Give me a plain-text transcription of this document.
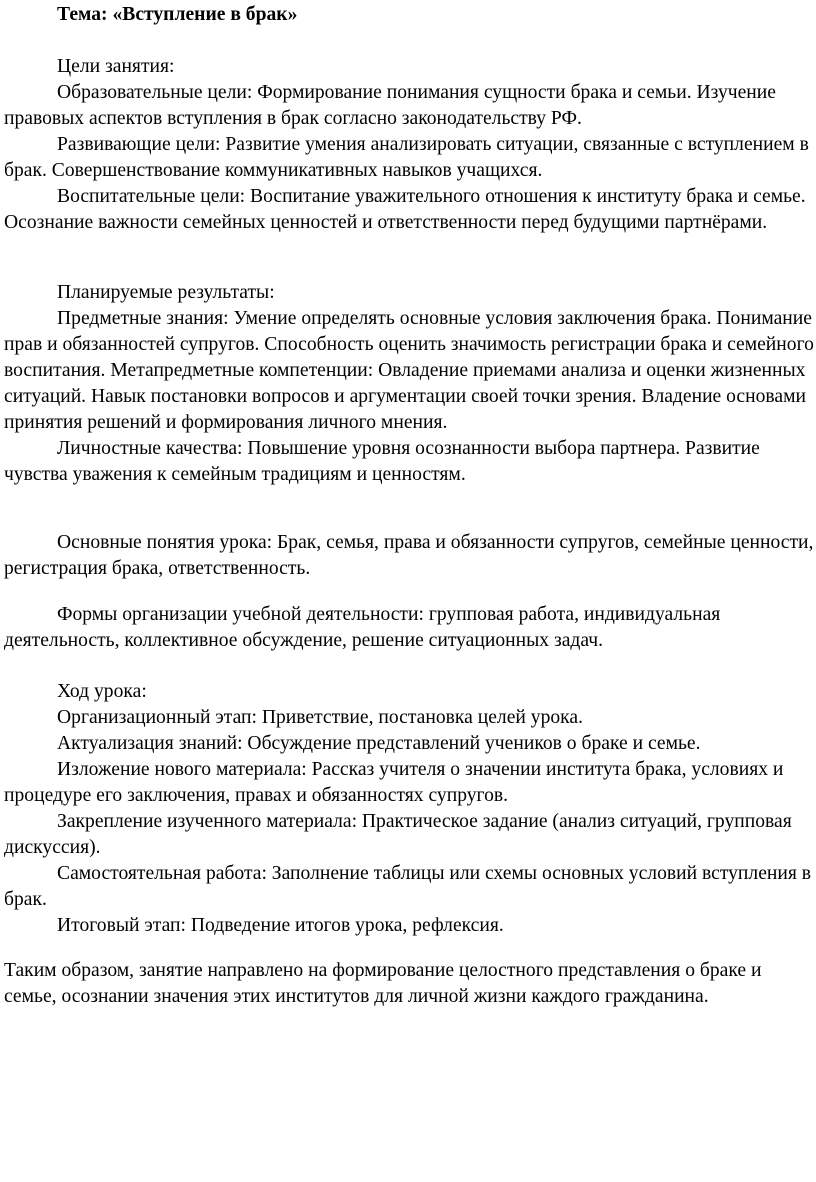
Тема: «Вступление в брак»

Цели занятия:

Образовательные цели: Формирование понимания сущности брака и семьи. Изучение правовых аспектов вступления в брак согласно законодательству РФ.

Развивающие цели: Развитие умения анализировать ситуации, связанные с вступлением в брак. Совершенствование коммуникативных навыков учащихся.

Воспитательные цели: Воспитание уважительного отношения к институту брака и семье. Осознание важности семейных ценностей и ответственности перед будущими партнёрами.

Планируемые результаты:

Предметные знания: Умение определять основные условия заключения брака. Понимание прав и обязанностей супругов. Способность оценить значимость регистрации брака и семейного воспитания. Метапредметные компетенции: Овладение приемами анализа и оценки жизненных ситуаций. Навык постановки вопросов и аргументации своей точки зрения. Владение основами принятия решений и формирования личного мнения.

Личностные качества: Повышение уровня осознанности выбора партнера. Развитие чувства уважения к семейным традициям и ценностям.

Основные понятия урока: Брак, семья, права и обязанности супругов, семейные ценности, регистрация брака, ответственность.

Формы организации учебной деятельности: групповая работа, индивидуальная деятельность, коллективное обсуждение, решение ситуационных задач.

Ход урока:

Организационный этап: Приветствие, постановка целей урока.

Актуализация знаний: Обсуждение представлений учеников о браке и семье.

Изложение нового материала: Рассказ учителя о значении института брака, условиях и процедуре его заключения, правах и обязанностях супругов.

Закрепление изученного материала: Практическое задание (анализ ситуаций, групповая дискуссия).

Самостоятельная работа: Заполнение таблицы или схемы основных условий вступления в брак.

Итоговый этап: Подведение итогов урока, рефлексия.

Таким образом, занятие направлено на формирование целостного представления о браке и семье, осознании значения этих институтов для личной жизни каждого гражданина.
